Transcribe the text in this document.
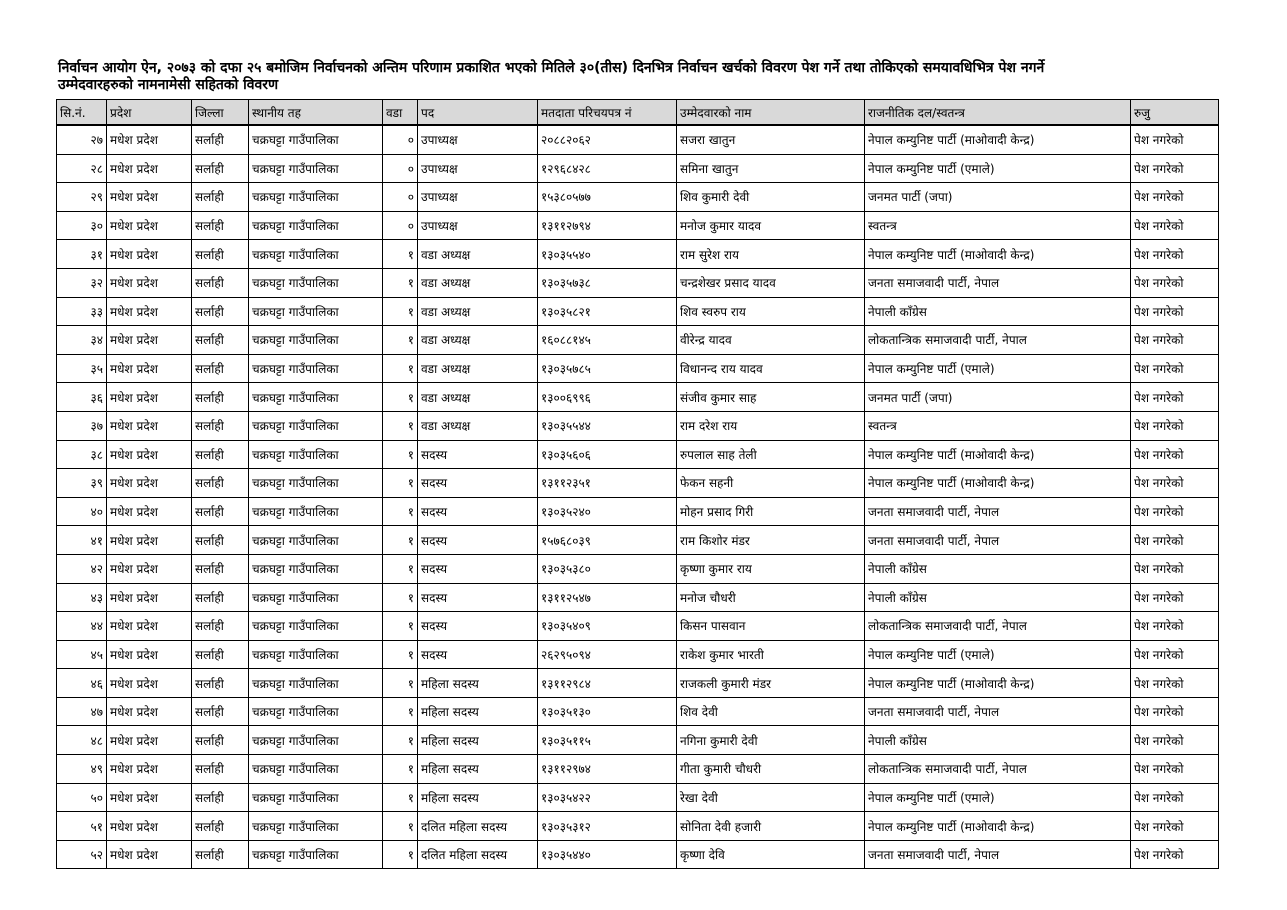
निर्वाचन आयोग ऐन, २०७३ को दफा २५ बमोजिम निर्वाचनको अन्तिम परिणाम प्रकाशित भएको मितिले ३०(तीस) दिनभित्र निर्वाचन खर्चको विवरण पेश गर्ने तथा तोकिएको समयावधिभित्र पेश नगर्ने
उम्मेदवारहरुको नामनामेसी सहितको विवरण
सि.नं.	प्रदेश	जिल्ला	स्थानीय तह	वडा	पद	मतदाता परिचयपत्र नं	उम्मेदवारको नाम	राजनीतिक दल/स्वतन्त्र	रुजु
२७	मधेश प्रदेश	सर्लाही	चक्रघट्टा गाउँपालिका	०	उपाध्यक्ष	२०८८२०६२	सजरा खातुन	नेपाल कम्युनिष्ट पार्टी (माओवादी केन्द्र)	पेश नगरेको
२८	मधेश प्रदेश	सर्लाही	चक्रघट्टा गाउँपालिका	०	उपाध्यक्ष	१२९६८४२८	समिना खातुन	नेपाल कम्युनिष्ट पार्टी (एमाले)	पेश नगरेको
२९	मधेश प्रदेश	सर्लाही	चक्रघट्टा गाउँपालिका	०	उपाध्यक्ष	१५३८०५७७	शिव कुमारी देवी	जनमत पार्टी (जपा)	पेश नगरेको
३०	मधेश प्रदेश	सर्लाही	चक्रघट्टा गाउँपालिका	०	उपाध्यक्ष	१३११२७९४	मनोज कुमार यादव	स्वतन्त्र	पेश नगरेको
३१	मधेश प्रदेश	सर्लाही	चक्रघट्टा गाउँपालिका	१	वडा अध्यक्ष	१३०३५५४०	राम सुरेश राय	नेपाल कम्युनिष्ट पार्टी (माओवादी केन्द्र)	पेश नगरेको
३२	मधेश प्रदेश	सर्लाही	चक्रघट्टा गाउँपालिका	१	वडा अध्यक्ष	१३०३५७३८	चन्द्रशेखर प्रसाद यादव	जनता समाजवादी पार्टी, नेपाल	पेश नगरेको
३३	मधेश प्रदेश	सर्लाही	चक्रघट्टा गाउँपालिका	१	वडा अध्यक्ष	१३०३५८२१	शिव स्वरुप राय	नेपाली काँग्रेस	पेश नगरेको
३४	मधेश प्रदेश	सर्लाही	चक्रघट्टा गाउँपालिका	१	वडा अध्यक्ष	१६०८८१४५	वीरेन्द्र यादव	लोकतान्त्रिक समाजवादी पार्टी, नेपाल	पेश नगरेको
३५	मधेश प्रदेश	सर्लाही	चक्रघट्टा गाउँपालिका	१	वडा अध्यक्ष	१३०३५७८५	विधानन्द राय यादव	नेपाल कम्युनिष्ट पार्टी (एमाले)	पेश नगरेको
३६	मधेश प्रदेश	सर्लाही	चक्रघट्टा गाउँपालिका	१	वडा अध्यक्ष	१३००६९९६	संजीव कुमार साह	जनमत पार्टी (जपा)	पेश नगरेको
३७	मधेश प्रदेश	सर्लाही	चक्रघट्टा गाउँपालिका	१	वडा अध्यक्ष	१३०३५५४४	राम दरेश राय	स्वतन्त्र	पेश नगरेको
३८	मधेश प्रदेश	सर्लाही	चक्रघट्टा गाउँपालिका	१	सदस्य	१३०३५६०६	रुपलाल साह तेली	नेपाल कम्युनिष्ट पार्टी (माओवादी केन्द्र)	पेश नगरेको
३९	मधेश प्रदेश	सर्लाही	चक्रघट्टा गाउँपालिका	१	सदस्य	१३११२३५१	फेकन सहनी	नेपाल कम्युनिष्ट पार्टी (माओवादी केन्द्र)	पेश नगरेको
४०	मधेश प्रदेश	सर्लाही	चक्रघट्टा गाउँपालिका	१	सदस्य	१३०३५२४०	मोहन प्रसाद गिरी	जनता समाजवादी पार्टी, नेपाल	पेश नगरेको
४१	मधेश प्रदेश	सर्लाही	चक्रघट्टा गाउँपालिका	१	सदस्य	१५७६८०३९	राम किशोर मंडर	जनता समाजवादी पार्टी, नेपाल	पेश नगरेको
४२	मधेश प्रदेश	सर्लाही	चक्रघट्टा गाउँपालिका	१	सदस्य	१३०३५३८०	कृष्णा कुमार राय	नेपाली काँग्रेस	पेश नगरेको
४३	मधेश प्रदेश	सर्लाही	चक्रघट्टा गाउँपालिका	१	सदस्य	१३११२५४७	मनोज चौधरी	नेपाली काँग्रेस	पेश नगरेको
४४	मधेश प्रदेश	सर्लाही	चक्रघट्टा गाउँपालिका	१	सदस्य	१३०३५४०९	किसन पासवान	लोकतान्त्रिक समाजवादी पार्टी, नेपाल	पेश नगरेको
४५	मधेश प्रदेश	सर्लाही	चक्रघट्टा गाउँपालिका	१	सदस्य	२६२९५०९४	राकेश कुमार भारती	नेपाल कम्युनिष्ट पार्टी (एमाले)	पेश नगरेको
४६	मधेश प्रदेश	सर्लाही	चक्रघट्टा गाउँपालिका	१	महिला सदस्य	१३११२९८४	राजकली कुमारी मंडर	नेपाल कम्युनिष्ट पार्टी (माओवादी केन्द्र)	पेश नगरेको
४७	मधेश प्रदेश	सर्लाही	चक्रघट्टा गाउँपालिका	१	महिला सदस्य	१३०३५१३०	शिव देवी	जनता समाजवादी पार्टी, नेपाल	पेश नगरेको
४८	मधेश प्रदेश	सर्लाही	चक्रघट्टा गाउँपालिका	१	महिला सदस्य	१३०३५११५	नगिना कुमारी देवी	नेपाली काँग्रेस	पेश नगरेको
४९	मधेश प्रदेश	सर्लाही	चक्रघट्टा गाउँपालिका	१	महिला सदस्य	१३११२९७४	गीता कुमारी चौधरी	लोकतान्त्रिक समाजवादी पार्टी, नेपाल	पेश नगरेको
५०	मधेश प्रदेश	सर्लाही	चक्रघट्टा गाउँपालिका	१	महिला सदस्य	१३०३५४२२	रेखा देवी	नेपाल कम्युनिष्ट पार्टी (एमाले)	पेश नगरेको
५१	मधेश प्रदेश	सर्लाही	चक्रघट्टा गाउँपालिका	१	दलित महिला सदस्य	१३०३५३१२	सोनिता देवी हजारी	नेपाल कम्युनिष्ट पार्टी (माओवादी केन्द्र)	पेश नगरेको
५२	मधेश प्रदेश	सर्लाही	चक्रघट्टा गाउँपालिका	१	दलित महिला सदस्य	१३०३५४४०	कृष्णा देवि	जनता समाजवादी पार्टी, नेपाल	पेश नगरेको
